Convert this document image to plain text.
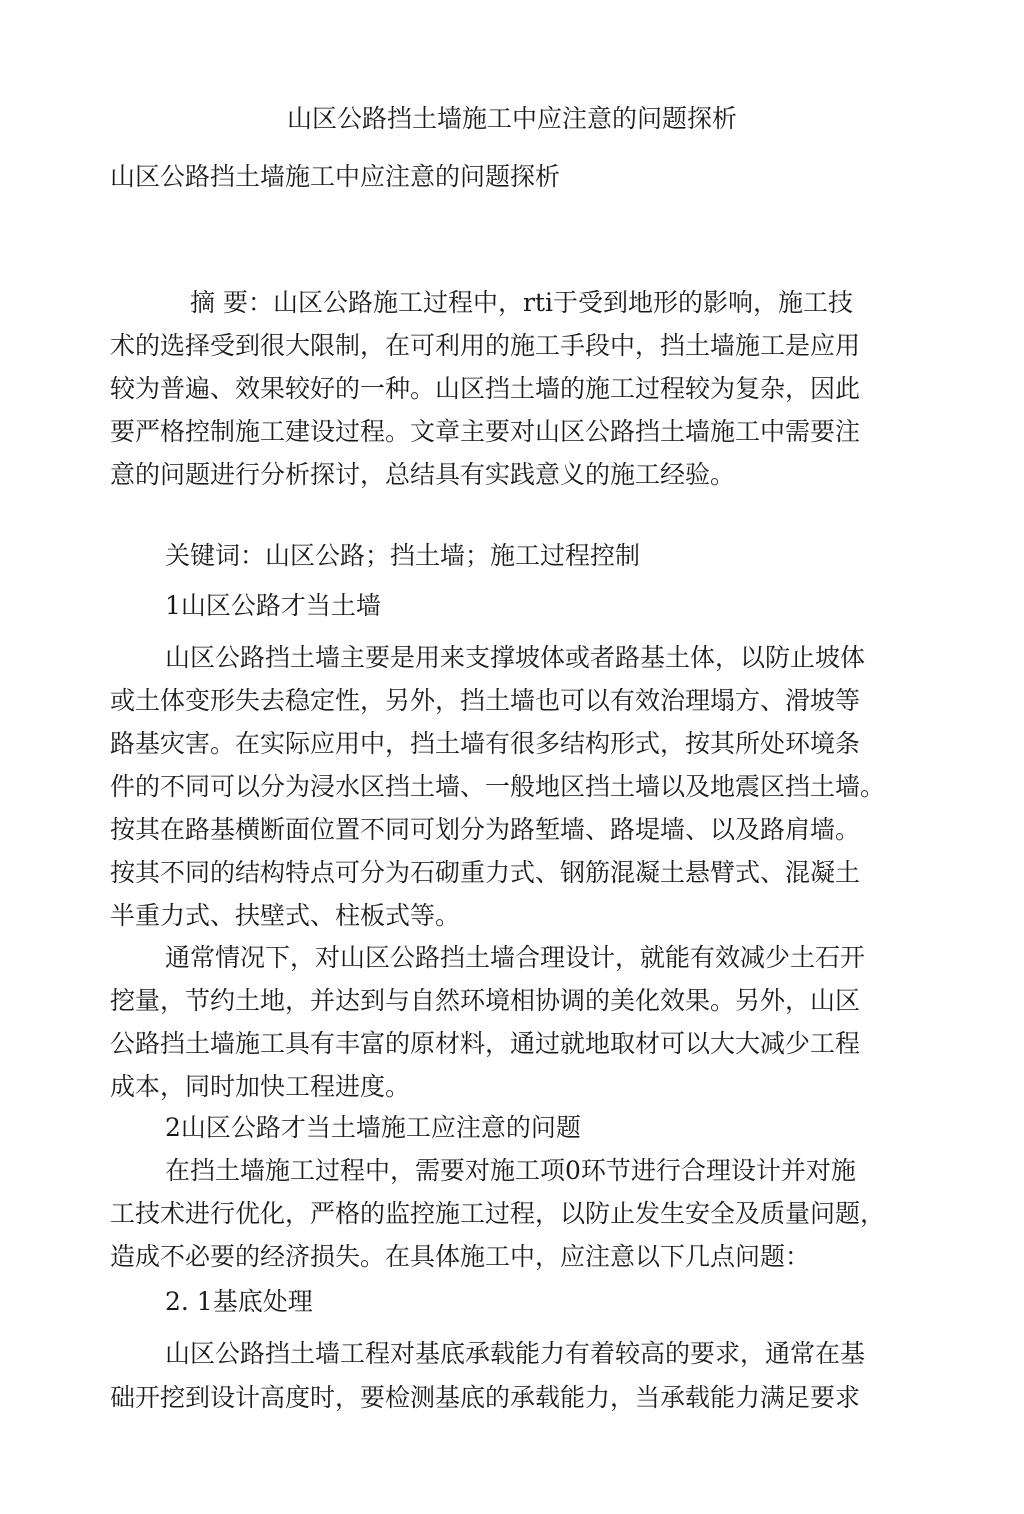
山区公路挡土墙施工中应注意的问题探析
山区公路挡土墙施工中应注意的问题探析
摘 要：山区公路施工过程中，rti于受到地形的影响，施工技
术的选择受到很大限制，在可利用的施工手段中，挡土墙施工是应用
较为普遍、效果较好的一种。山区挡土墙的施工过程较为复杂，因此
要严格控制施工建设过程。文章主要对山区公路挡土墙施工中需要注
意的问题进行分析探讨，总结具有实践意义的施工经验。
关键词：山区公路；挡土墙；施工过程控制
1山区公路才当土墙
山区公路挡土墙主要是用来支撑坡体或者路基土体，以防止坡体
或土体变形失去稳定性，另外，挡土墙也可以有效治理塌方、滑坡等
路基灾害。在实际应用中，挡土墙有很多结构形式，按其所处环境条
件的不同可以分为浸水区挡土墙、一般地区挡土墙以及地震区挡土墙。
按其在路基横断面位置不同可划分为路堑墙、路堤墙、以及路肩墙。
按其不同的结构特点可分为石砌重力式、钢筋混凝土悬臂式、混凝土
半重力式、扶壁式、柱板式等。
通常情况下，对山区公路挡土墙合理设计，就能有效减少土石开
挖量，节约土地，并达到与自然环境相协调的美化效果。另外，山区
公路挡土墙施工具有丰富的原材料，通过就地取材可以大大减少工程
成本，同时加快工程进度。
2山区公路才当土墙施工应注意的问题
在挡土墙施工过程中，需要对施工项0环节进行合理设计并对施
工技术进行优化，严格的监控施工过程，以防止发生安全及质量问题，
造成不必要的经济损失。在具体施工中，应注意以下几点问题：
2. 1基底处理
山区公路挡土墙工程对基底承载能力有着较高的要求，通常在基
础开挖到设计高度时，要检测基底的承载能力，当承载能力满足要求
